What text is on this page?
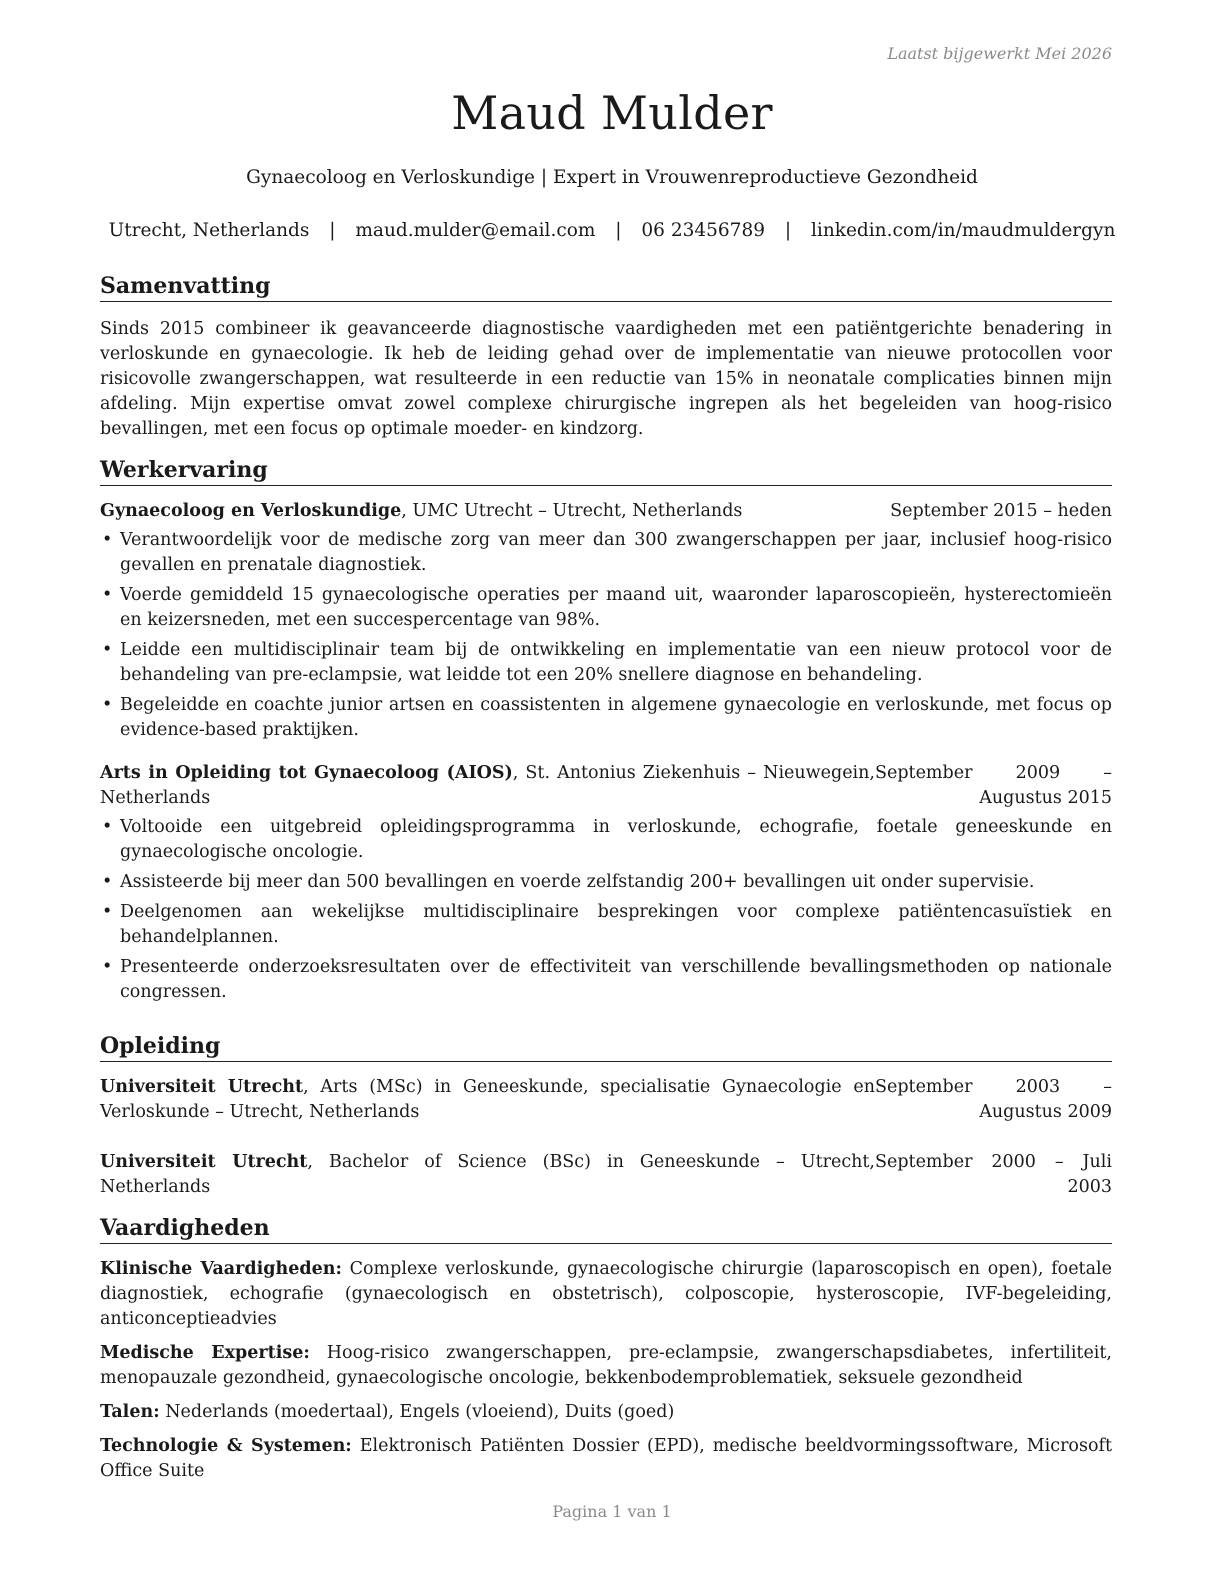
Laatst bijgewerkt Mei 2026
Maud Mulder
Gynaecoloog en Verloskundige | Expert in Vrouwenreproductieve Gezondheid
Utrecht, Netherlands | maud.mulder@email.com | 06 23456789 | linkedin.com/in/maudmuldergyn
Samenvatting
Sinds 2015 combineer ik geavanceerde diagnostische vaardigheden met een patiëntgerichte benadering in verloskunde en gynaecologie. Ik heb de leiding gehad over de implementatie van nieuwe protocollen voor risicovolle zwangerschappen, wat resulteerde in een reductie van 15% in neonatale complicaties binnen mijn afdeling. Mijn expertise omvat zowel complexe chirurgische ingrepen als het begeleiden van hoog-risico bevallingen, met een focus op optimale moeder- en kindzorg.
Werkervaring
Gynaecoloog en Verloskundige, UMC Utrecht – Utrecht, Netherlands	September 2015 – heden
• Verantwoordelijk voor de medische zorg van meer dan 300 zwangerschappen per jaar, inclusief hoog-risico gevallen en prenatale diagnostiek.
• Voerde gemiddeld 15 gynaecologische operaties per maand uit, waaronder laparoscopieën, hysterectomieën en keizersneden, met een succespercentage van 98%.
• Leidde een multidisciplinair team bij de ontwikkeling en implementatie van een nieuw protocol voor de behandeling van pre-eclampsie, wat leidde tot een 20% snellere diagnose en behandeling.
• Begeleidde en coachte junior artsen en coassistenten in algemene gynaecologie en verloskunde, met focus op evidence-based praktijken.
Arts in Opleiding tot Gynaecoloog (AIOS), St. Antonius Ziekenhuis – Nieuwegein, Netherlands
September 2009 – Augustus 2015
• Voltooide een uitgebreid opleidingsprogramma in verloskunde, echografie, foetale geneeskunde en gynaecologische oncologie.
• Assisteerde bij meer dan 500 bevallingen en voerde zelfstandig 200+ bevallingen uit onder supervisie.
• Deelgenomen aan wekelijkse multidisciplinaire besprekingen voor complexe patiëntencasuïstiek en behandelplannen.
• Presenteerde onderzoeksresultaten over de effectiviteit van verschillende bevallingsmethoden op nationale congressen.
Opleiding
Universiteit Utrecht, Arts (MSc) in Geneeskunde, specialisatie Gynaecologie en Verloskunde – Utrecht, Netherlands
September 2003 – Augustus 2009
Universiteit Utrecht, Bachelor of Science (BSc) in Geneeskunde – Utrecht, Netherlands
September 2000 – Juli 2003
Vaardigheden
Klinische Vaardigheden: Complexe verloskunde, gynaecologische chirurgie (laparoscopisch en open), foetale diagnostiek, echografie (gynaecologisch en obstetrisch), colposcopie, hysteroscopie, IVF-begeleiding, anticonceptieadvies
Medische Expertise: Hoog-risico zwangerschappen, pre-eclampsie, zwangerschapsdiabetes, infertiliteit, menopauzale gezondheid, gynaecologische oncologie, bekkenbodemproblematiek, seksuele gezondheid
Talen: Nederlands (moedertaal), Engels (vloeiend), Duits (goed)
Technologie & Systemen: Elektronisch Patiënten Dossier (EPD), medische beeldvormingssoftware, Microsoft Office Suite
Pagina 1 van 1
